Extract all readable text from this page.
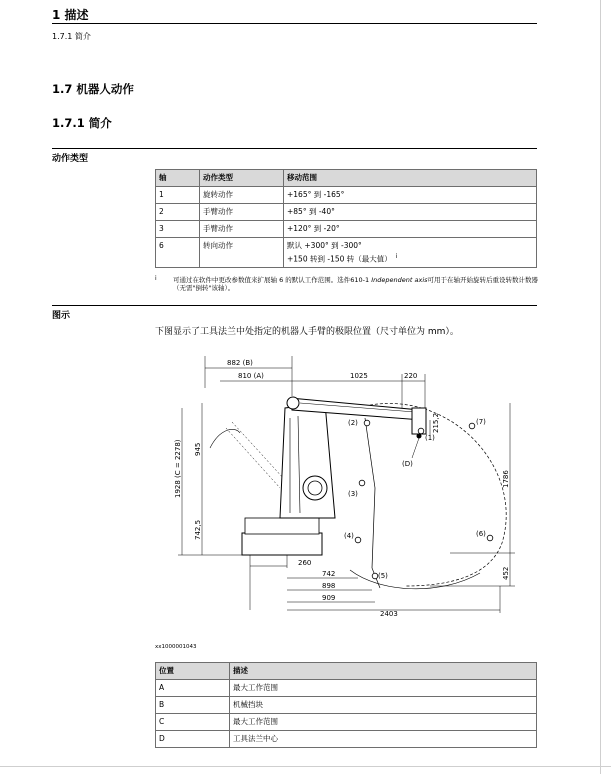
1 描述
1.7.1 简介
1.7 机器人动作
1.7.1 简介
动作类型
轴	动作类型	移动范围
1	旋转动作	+165° 到 -165°
2	手臂动作	+85° 到 -40°
3	手臂动作	+120° 到 -20°
6	转向动作	默认 +300° 到 -300°
+150 转到 -150 转（最大值） $^i$
i	可通过在软件中更改参数值来扩展轴 6 的默认工作范围。选件610-1 Independent axis可用于在轴开始旋转后重设转数计数器（无需"倒转"该轴）。
图示
下图显示了工具法兰中处指定的机器人手臂的极限位置（尺寸单位为 mm）。
(1)
(2)
(3)
(4)
(5)
(6)
(7)
(D)
882 (B)
810 (A)	1025	220
1928 (C = 2278) 945
742,5
1786
452
215,2
260
742
898
909
2403
xx1000001043
位置	描述
A	最大工作范围
B	机械挡块
C	最大工作范围
D	工具法兰中心
